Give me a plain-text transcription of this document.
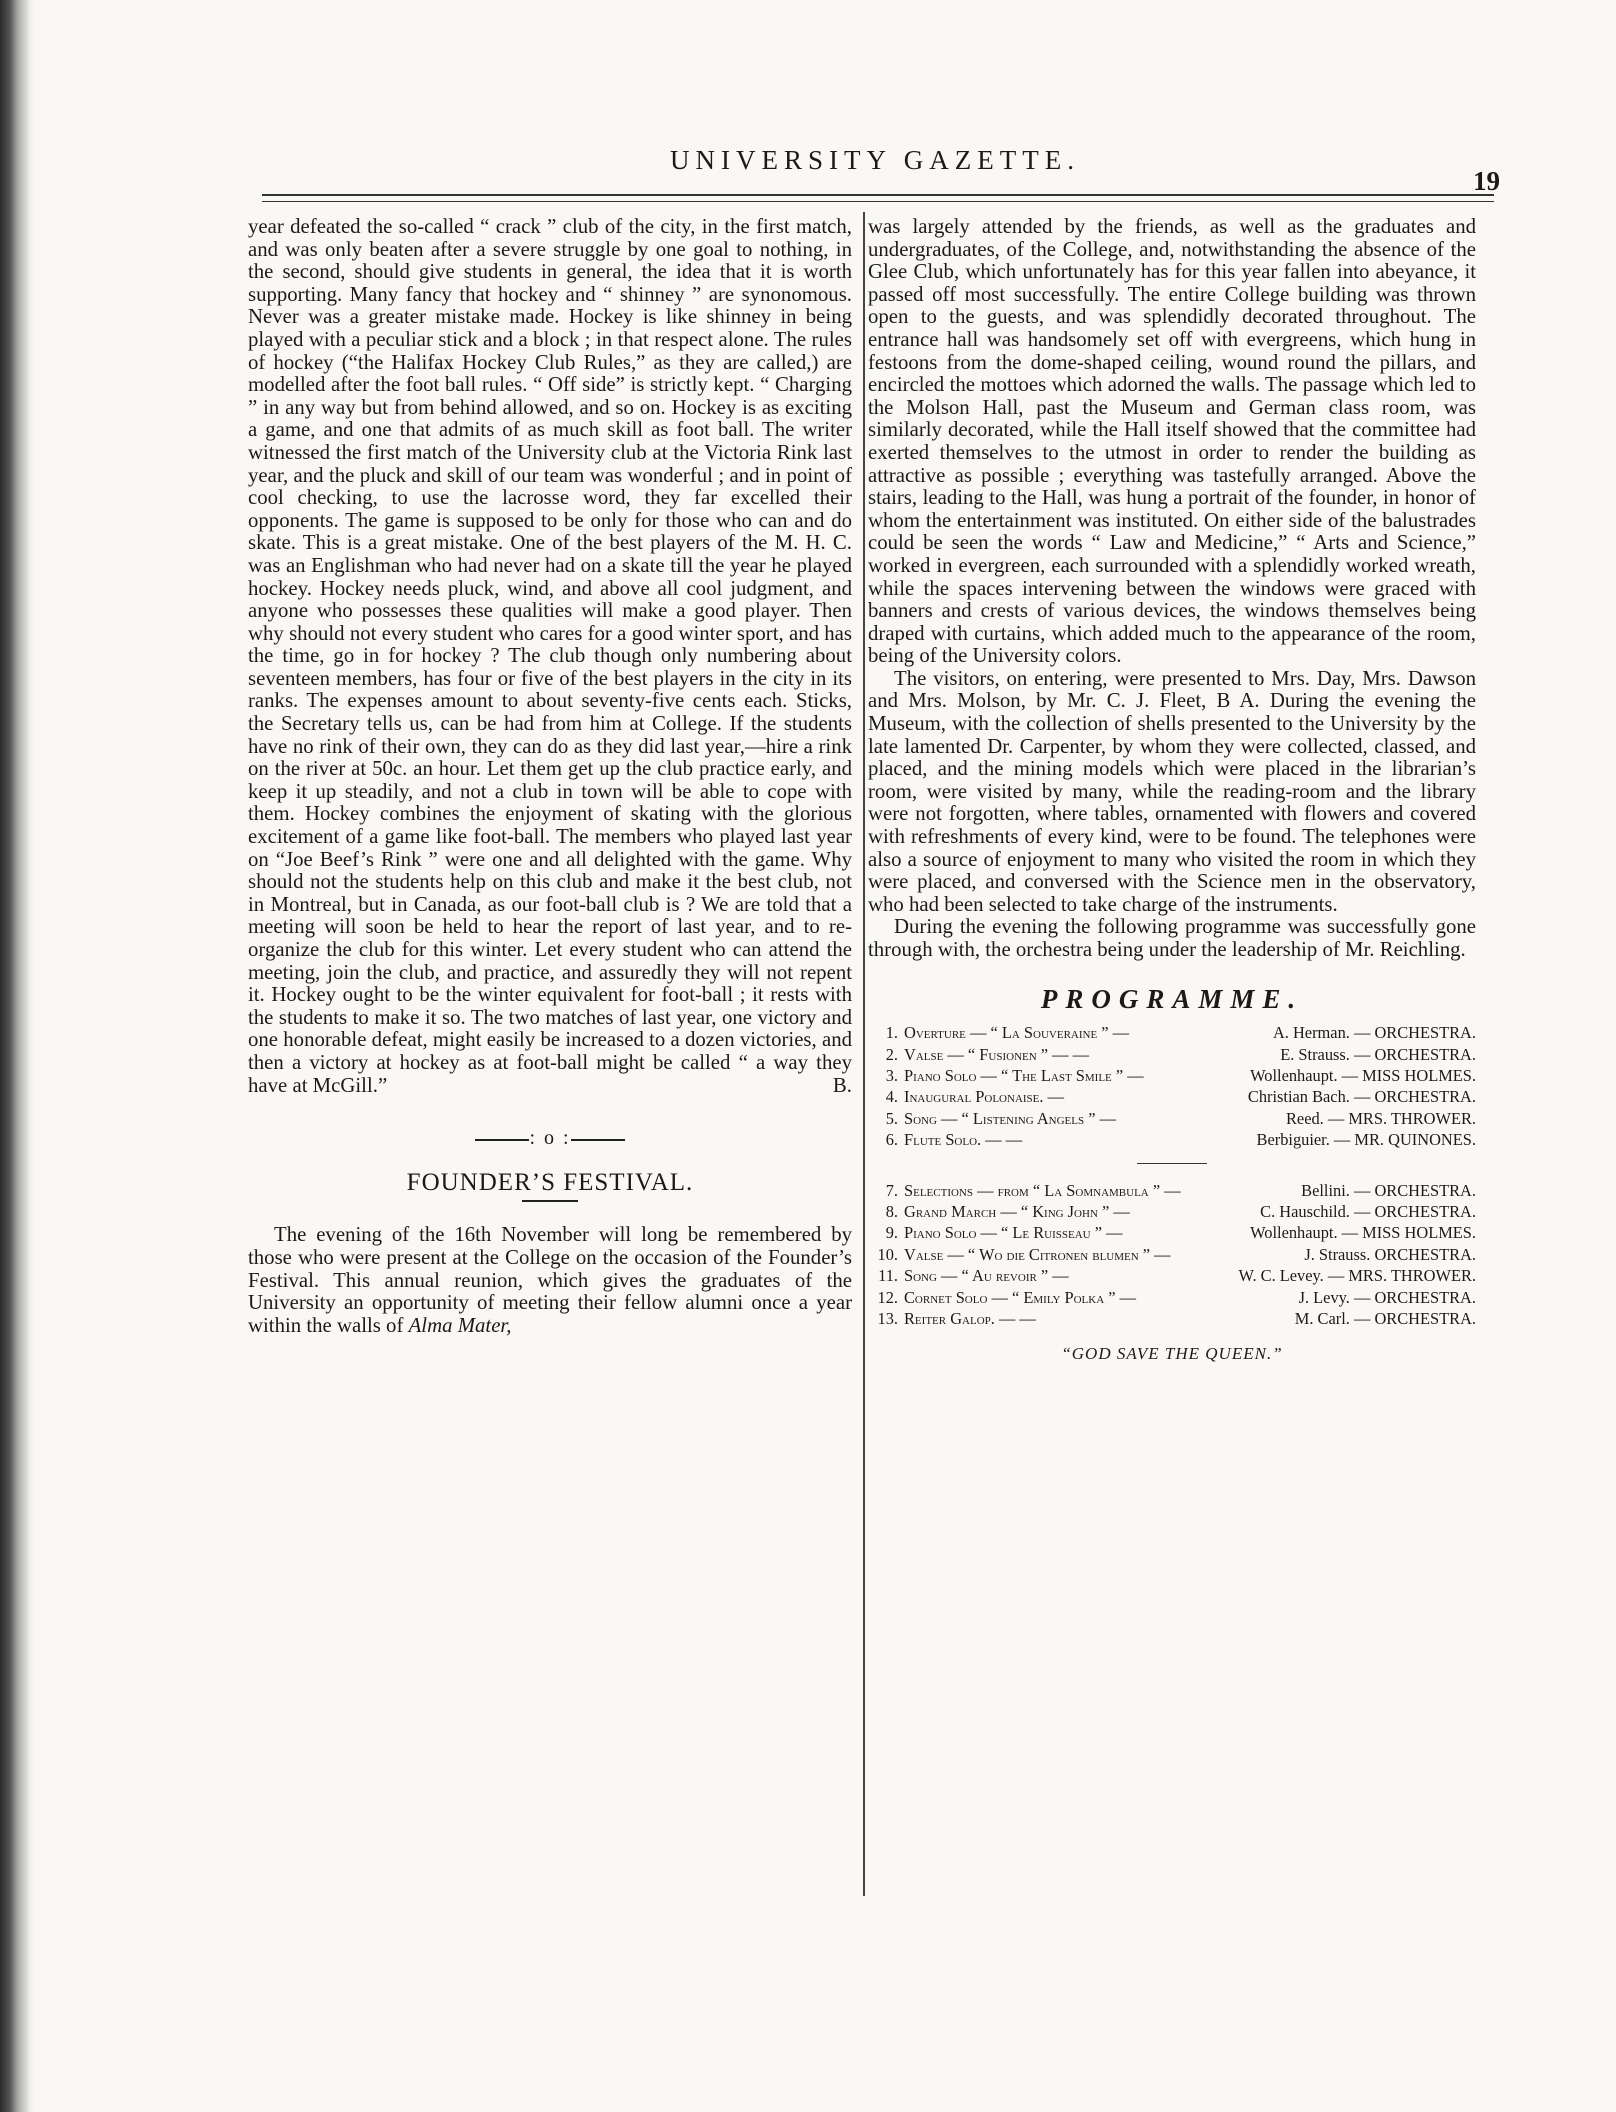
UNIVERSITY GAZETTE.
19

year defeated the so-called “ crack ” club of the city, in the first match, and was only beaten after a severe struggle by one goal to nothing, in the second, should give students in general, the idea that it is worth supporting. Many fancy that hockey and “ shinney ” are synonomous. Never was a greater mistake made. Hockey is like shinney in being played with a peculiar stick and a block ; in that respect alone. The rules of hockey (“the Halifax Hockey Club Rules,” as they are called,) are modelled after the foot ball rules. “ Off side” is strictly kept. “ Charging ” in any way but from behind allowed, and so on. Hockey is as exciting a game, and one that admits of as much skill as foot ball. The writer witnessed the first match of the University club at the Victoria Rink last year, and the pluck and skill of our team was wonderful ; and in point of cool checking, to use the lacrosse word, they far excelled their opponents. The game is supposed to be only for those who can and do skate. This is a great mistake. One of the best players of the M. H. C. was an Englishman who had never had on a skate till the year he played hockey. Hockey needs pluck, wind, and above all cool judgment, and anyone who possesses these qualities will make a good player. Then why should not every student who cares for a good winter sport, and has the time, go in for hockey ? The club though only numbering about seventeen members, has four or five of the best players in the city in its ranks. The expenses amount to about seventy-five cents each. Sticks, the Secretary tells us, can be had from him at College. If the students have no rink of their own, they can do as they did last year,—hire a rink on the river at 50c. an hour. Let them get up the club practice early, and keep it up steadily, and not a club in town will be able to cope with them. Hockey combines the enjoyment of skating with the glorious excitement of a game like foot-ball. The members who played last year on “Joe Beef’s Rink ” were one and all delighted with the game. Why should not the students help on this club and make it the best club, not in Montreal, but in Canada, as our foot-ball club is ? We are told that a meeting will soon be held to hear the report of last year, and to re-organize the club for this winter. Let every student who can attend the meeting, join the club, and practice, and assuredly they will not repent it. Hockey ought to be the winter equivalent for foot-ball ; it rests with the students to make it so. The two matches of last year, one victory and one honorable defeat, might easily be increased to a dozen victories, and then a victory at hockey as at foot-ball might be called “ a way they have at McGill.”	B.

: o :
FOUNDER’S FESTIVAL.

The evening of the 16th November will long be remembered by those who were present at the College on the occasion of the Founder’s Festival. This annual reunion, which gives the graduates of the University an opportunity of meeting their fellow alumni once a year within the walls of Alma Mater,

was largely attended by the friends, as well as the graduates and undergraduates, of the College, and, notwithstanding the absence of the Glee Club, which unfortunately has for this year fallen into abeyance, it passed off most successfully. The entire College building was thrown open to the guests, and was splendidly decorated throughout. The entrance hall was handsomely set off with evergreens, which hung in festoons from the dome-shaped ceiling, wound round the pillars, and encircled the mottoes which adorned the walls. The passage which led to the Molson Hall, past the Museum and German class room, was similarly decorated, while the Hall itself showed that the committee had exerted themselves to the utmost in order to render the building as attractive as possible ; everything was tastefully arranged. Above the stairs, leading to the Hall, was hung a portrait of the founder, in honor of whom the entertainment was instituted. On either side of the balustrades could be seen the words “ Law and Medicine,” “ Arts and Science,” worked in evergreen, each surrounded with a splendidly worked wreath, while the spaces intervening between the windows were graced with banners and crests of various devices, the windows themselves being draped with curtains, which added much to the appearance of the room, being of the University colors.

The visitors, on entering, were presented to Mrs. Day, Mrs. Dawson and Mrs. Molson, by Mr. C. J. Fleet, B A. During the evening the Museum, with the collection of shells presented to the University by the late lamented Dr. Carpenter, by whom they were collected, classed, and placed, and the mining models which were placed in the librarian’s room, were visited by many, while the reading-room and the library were not forgotten, where tables, ornamented with flowers and covered with refreshments of every kind, were to be found. The telephones were also a source of enjoyment to many who visited the room in which they were placed, and conversed with the Science men in the observatory, who had been selected to take charge of the instruments.

During the evening the following programme was successfully gone through with, the orchestra being under the leadership of Mr. Reichling.

PROGRAMME.
1. Overture — “ La Souveraine ” —	A. Herman. — ORCHESTRA.
2. Valse — “ Fusionen ” — —	E. Strauss. — ORCHESTRA.
3. Piano Solo — “ The Last Smile ” —	Wollenhaupt. — MISS HOLMES.
4. Inaugural Polonaise. —	Christian Bach. — ORCHESTRA.
5. Song — “ Listening Angels ” —	Reed. — MRS. THROWER.
6. Flute Solo. — —	Berbiguier. — MR. QUINONES.
7. Selections — from “ La Somnambula ” —	Bellini. — ORCHESTRA.
8. Grand March — “ King John ” —	C. Hauschild. — ORCHESTRA.
9. Piano Solo — “ Le Ruisseau ” —	Wollenhaupt. — MISS HOLMES.
10. Valse — “ Wo die Citronen blumen ” —	J. Strauss. ORCHESTRA.
11. Song — “ Au revoir ” —	W. C. Levey. — MRS. THROWER.
12. Cornet Solo — “ Emily Polka ” —	J. Levy. — ORCHESTRA.
13. Reiter Galop. — —	M. Carl. — ORCHESTRA.
“GOD SAVE THE QUEEN.”
